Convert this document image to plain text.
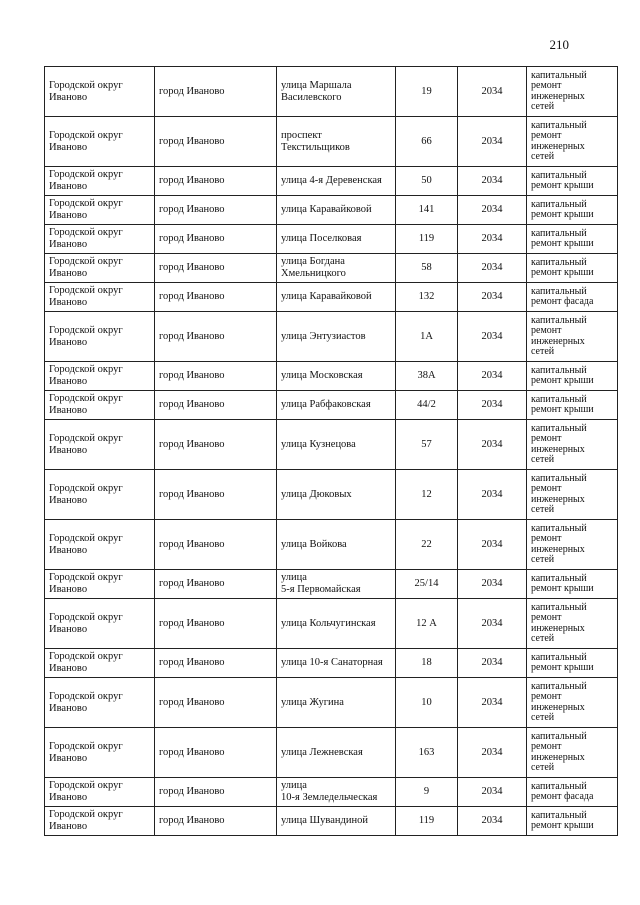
210
Городской округ
Иваново	город Иваново	улица Маршала
Василевского	19	2034	капитальный
ремонт
инженерных
сетей
Городской округ
Иваново	город Иваново	проспект
Текстильщиков	66	2034	капитальный
ремонт
инженерных
сетей
Городской округ
Иваново	город Иваново	улица 4-я Деревенская	50	2034	капитальный
ремонт крыши
Городской округ
Иваново	город Иваново	улица Каравайковой	141	2034	капитальный
ремонт крыши
Городской округ
Иваново	город Иваново	улица Поселковая	119	2034	капитальный
ремонт крыши
Городской округ
Иваново	город Иваново	улица Богдана
Хмельницкого	58	2034	капитальный
ремонт крыши
Городской округ
Иваново	город Иваново	улица Каравайковой	132	2034	капитальный
ремонт фасада
Городской округ
Иваново	город Иваново	улица Энтузиастов	1А	2034	капитальный
ремонт
инженерных
сетей
Городской округ
Иваново	город Иваново	улица Московская	38А	2034	капитальный
ремонт крыши
Городской округ
Иваново	город Иваново	улица Рабфаковская	44/2	2034	капитальный
ремонт крыши
Городской округ
Иваново	город Иваново	улица Кузнецова	57	2034	капитальный
ремонт
инженерных
сетей
Городской округ
Иваново	город Иваново	улица Дюковых	12	2034	капитальный
ремонт
инженерных
сетей
Городской округ
Иваново	город Иваново	улица Войкова	22	2034	капитальный
ремонт
инженерных
сетей
Городской округ
Иваново	город Иваново	улица
5-я Первомайская	25/14	2034	капитальный
ремонт крыши
Городской округ
Иваново	город Иваново	улица Кольчугинская	12 А	2034	капитальный
ремонт
инженерных
сетей
Городской округ
Иваново	город Иваново	улица 10-я Санаторная	18	2034	капитальный
ремонт крыши
Городской округ
Иваново	город Иваново	улица Жугина	10	2034	капитальный
ремонт
инженерных
сетей
Городской округ
Иваново	город Иваново	улица Лежневская	163	2034	капитальный
ремонт
инженерных
сетей
Городской округ
Иваново	город Иваново	улица
10-я Земледельческая	9	2034	капитальный
ремонт фасада
Городской округ
Иваново	город Иваново	улица Шувандиной	119	2034	капитальный
ремонт крыши
